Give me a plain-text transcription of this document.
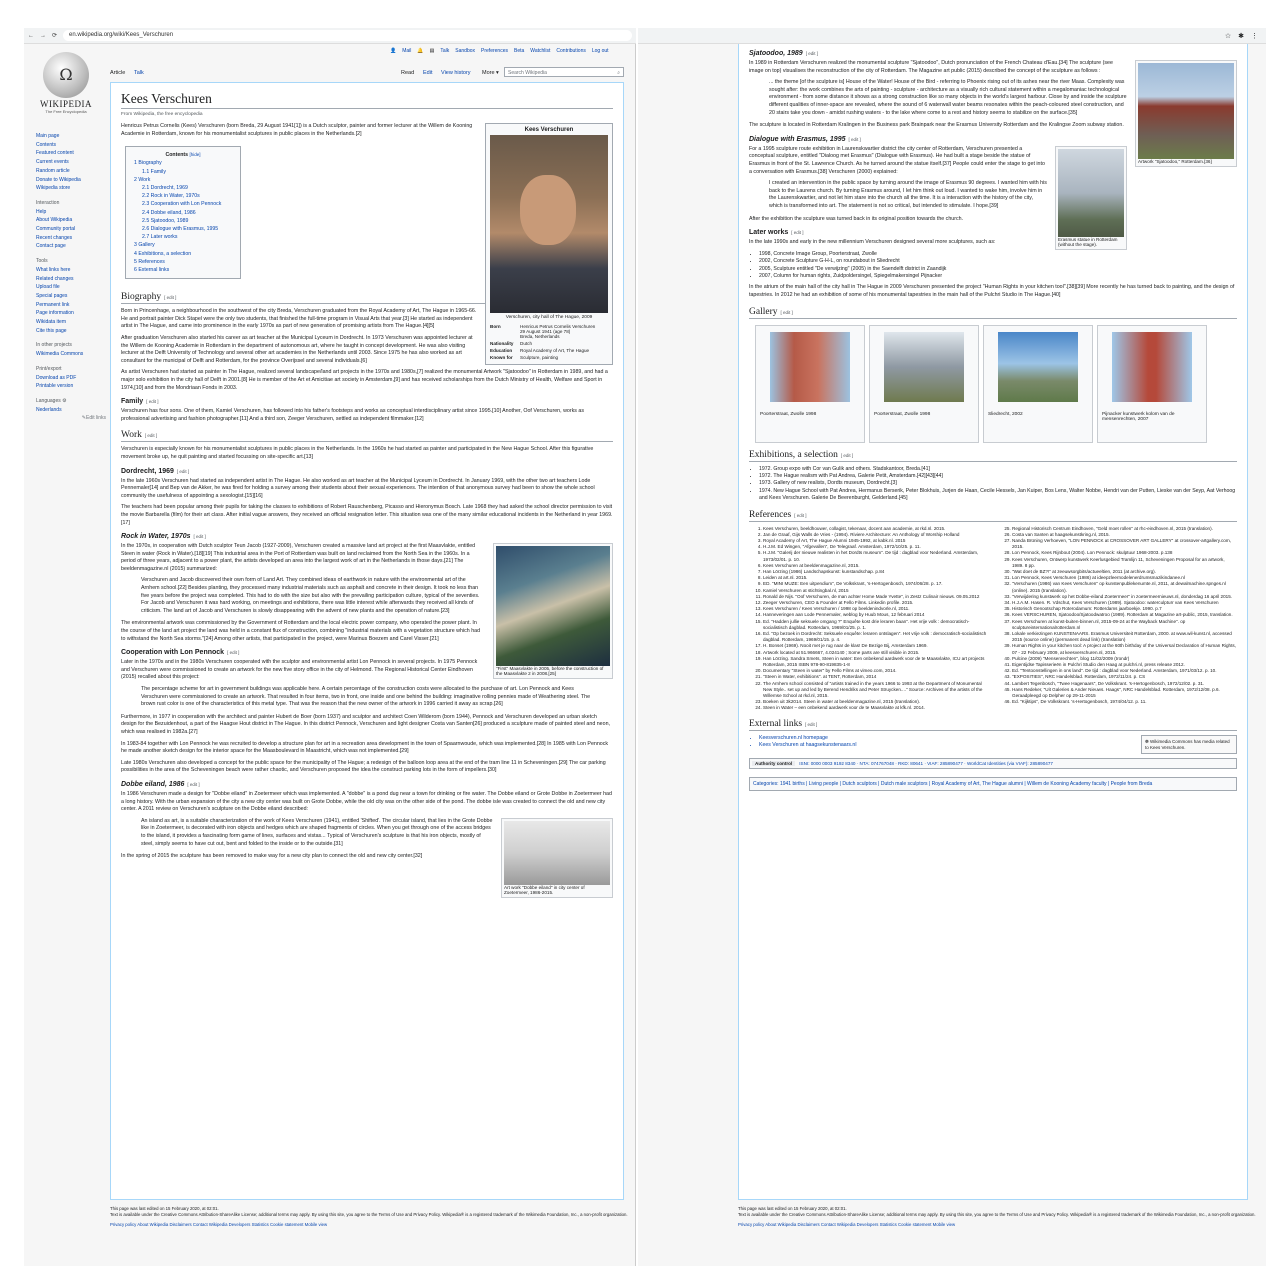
← → ⟳	en.wikipedia.org/wiki/Kees_Verschuren	☆ ✱ ⋮
Ω
WIKIPEDIA
The Free Encyclopedia
Main page
Contents
Featured content
Current events
Random article
Donate to Wikipedia
Wikipedia store
Interaction
Help
About Wikipedia
Community portal
Recent changes
Contact page
Tools
What links here
Related changes
Upload file
Special pages
Permanent link
Page information
Wikidata item
Cite this page
In other projects
Wikimedia Commons
Print/export
Download as PDF
Printable version
Languages ⚙
Nederlands
✎Edit links
👤 Mail 🔔 ▤ Talk Sandbox Preferences Beta Watchlist Contributions Log out
Article Talk	Read Edit View history More ▾	Search Wikipedia	⌕
Kees Verschuren
From Wikipedia, the free encyclopedia
Kees Verschuren
Verschuren, city hall of The Hague, 2009
Born	Henricus Petrus Cornelis Verschuren
29 August 1941 (age 78)
Breda, Netherlands
Nationality	Dutch
Education	Royal Academy of Art, The Hague
Known for	Sculpture, painting

Henricus Petrus Cornelis (Kees) Verschuren (born Breda, 29 August 1941[1]) is a Dutch sculptor, painter and former lecturer at the Willem de Kooning Academie in Rotterdam, known for his monumentalist sculptures in public places in the Netherlands.[2]

Contents [hide]
1 Biography
1.1 Family
2 Work
2.1 Dordrecht, 1969
2.2 Rock in Water, 1970s
2.3 Cooperation with Lon Pennock
2.4 Dobbe eiland, 1986
2.5 Sjatoodoo, 1989
2.6 Dialogue with Erasmus, 1995
2.7 Later works
3 Gallery
4 Exhibitions, a selection
5 References
6 External links
Biography [ edit ]

Born in Princenhage, a neighbourhood in the southwest of the city Breda, Verschuren graduated from the Royal Academy of Art, The Hague in 1965-66. He and portrait painter Dick Stapel were the only two students, that finished the full-time program in Visual Arts that year.[3] He started as independent artist in The Hague, and came into prominence in the early 1970s as part of new generation of promising artists from The Hague.[4][5]

After graduation Verschuren also started his career as art teacher at the Municipal Lyceum in Dordrecht. In 1973 Verschuren was appointed lecturer at the Willem de Kooning Academie in Rotterdam in the department of autonomous art, where he taught in concept development. He was also visiting lecturer at the Delft University of Technology and several other art academies in the Netherlands until 2003. Since 1975 he has also worked as art consultant for the municipal of Delft and Rotterdam, for the province Overijssel and several individuals.[6]

As artist Verschuren had started as painter in The Hague, realized several landscape/land art projects in the 1970s and 1980s,[7] realized the monumental Artwork "Sjatoodoo" in Rotterdam in 1989, and had a major solo exhibition in the city hall of Delft in 2001.[8] He is member of the Art et Amicitiae art society in Amsterdam,[9] and has received scholarships from the Dutch Ministry of Health, Welfare and Sport in 1974,[10] and from the Mondriaan Fonds in 2003.

Family [ edit ]

Verschuren has four sons. One of them, Kamiel Verschuren, has followed into his father's footsteps and works as conceptual interdisciplinary artist since 1995.[10] Another, Oof Verschuren, works as professional advertising and fashion photographer.[11] And a third son, Zeeger Verschuren, settled as independent filmmaker.[12]

Work [ edit ]

Verschuren is especially known for his monumentalist sculptures in public places in the Netherlands. In the 1960s he had started as painter and participated in the New Hague School. After this figurative movement broke up, he quit painting and started focussing on site-specific art.[13]

Dordrecht, 1969 [ edit ]

In the late 1960s Verschuren had started as independent artist in The Hague. He also worked as art teacher at the Municipal Lyceum in Dordrecht. In January 1969, with the other two art teachers Lode Pennemaler[14] and Bep van de Akker, he was fired for holding a survey among their students about their sexual experiences. The intention of that anonymous survey had been to show the whole school community the usefulness of appointing a sexologist.[15][16]

The teachers had been popular among their pupils for taking the classes to exhibitions of Robert Rauschenberg, Picasso and Hieronymus Bosch. Late 1968 they had asked the school director permission to visit the movie Barbarella (film) for their art class. After initial vague answers, they received an official resignation letter. This situation was one of the many similar educational incidents in the Netherland in year 1969.[17]

Rock in Water, 1970s [ edit ]
"First" Maasvlakte in 2005, before the construction of the Maasvlakte 2 in 2008.[25]

In the 1970s, in cooperation with Dutch sculptor Teun Jacob (1927-2009), Verschuren created a massive land art project at the first Maasvlakte, entitled Steen in water (Rock in Water).[18][19] This industrial area in the Port of Rotterdam was built on land reclaimed from the North Sea in the 1960s. In a period of three years, adjacent to a power plant, the artists developed an area into the largest work of art in the Netherlands in those days.[21] The beeldenmagazine.nl (2015) summarized:

Verschuren and Jacob discovered their own form of Land Art. They combined ideas of earthwork in nature with the environmental art of the Arnhem school.[22] Besides planting, they processed many industrial materials such as asphalt and concrete in their design. It took no less than five years before the project was completed. This had to do with the size but also with the prevailing participation culture, typical of the seventies. For Jacob and Verschuren it was hard working, on meetings and exhibitions, there was little interest while afterwards they received all kinds of criticism. The land art of Jacob and Verschuren is slowly disappearing with the advent of new plants and the operation of nature.[23]

The environmental artwork was commissioned by the Government of Rotterdam and the local electric power company, who operated the power plant. In the course of the land art project the land was held in a constant flux of construction, combining "industrial materials with a vegetation structure which had to withstand the North Sea storms."[24] Among other artists, that participated in the project, were Marinus Boezem and Carel Visser.[21]

Cooperation with Lon Pennock [ edit ]

Later in the 1970s and in the 1980s Verschuren cooperated with the sculptor and environmental artist Lon Pennock in several projects. In 1975 Pennock and Verschuren were commissioned to create an artwork for the new five story office in the city of Helmond. The Regional Historical Center Eindhoven (2015) recalled about this project:

The percentage scheme for art in government buildings was applicable here. A certain percentage of the construction costs were allocated to the purchase of art. Lon Pennock and Kees Verschuren were commissioned to create an artwork. That resulted in four items, two in front, one inside and one behind the building: imaginative rolling pennies made of Weathering steel. The brown rust color is one of the characteristics of this metal type. That was the reason that the new owner of the artwork in 1996 carried it away as scrap.[26]

Furthermore, in 1977 in cooperation with the architect and painter Hubert de Boer (born 1937) and sculptor and architect Coen Wilderom (born 1944), Pennock and Verschuren developed an urban sketch design for the Bezuidenhout, a part of the Haagse Hout district in The Hague. In this district Pennock, Verschuren and light designer Costa van Santen[26] produced a sculpture made of painted steel and neon, which was realised in 1982a.[27]

In 1983-84 together with Lon Pennock he was recruited to develop a structure plan for art in a recreation area development in the town of Spaarnwoude, which was implemented.[28] In 1985 with Lon Pennock he made another sketch design for the interior space for the Maasboulevard in Maastricht, which was not implemented.[29]

Late 1980s Verschuren also developed a concept for the public space for the municipality of The Hague; a redesign of the balloon loop area at the end of the tram line 11 in Scheveningen.[29] The car parking possibilities in the area of the Scheveningen beach were rather chaotic, and Verschuren proposed the idea the construct parking lots in the form of impellers.[30]

Dobbe eiland, 1986 [ edit ]

In 1986 Verschuren made a design for "Dobbe eiland" in Zoetermeer which was implemented. A "dobbe" is a pond dug near a town for drinking or fire water. The Dobbe eiland or Grote Dobbe in Zoetermeer had a long history. With the urban expansion of the city a new city center was built on Grote Dobbe, while the old city was on the other side of the pond. The dobbe isle was created to connect the old and new city center. A 2011 review on Verschuren's sculpture on the Dobbe eiland described:

Art work "Dobbe eiland" in city center of Zoetermeer, 1986-2015.
An island as art, is a suitable characterization of the work of Kees Verschuren (1941), entitled 'Shifted'. The circular island, that lies in the Grote Dobbe like in Zoetermeer, is decorated with iron objects and hedges which are shaped fragments of circles. When you get through one of the access bridges to the island, it provides a fascinating form game of lines, surfaces and vistas... Typical of Verschuren's sculpture is that his iron objects, mostly of steel, simply seems to have cut out, bent and folded to the inside or to the outside.[31]

In the spring of 2015 the sculpture has been removed to make way for a new city plan to connect the old and new city center.[32]

This page was last edited on 15 February 2020, at 02:01.
Text is available under the Creative Commons Attribution-ShareAlike License; additional terms may apply. By using this site, you agree to the Terms of Use and Privacy Policy. Wikipedia® is a registered trademark of the Wikimedia Foundation, Inc., a non-profit organization.
Privacy policy About Wikipedia Disclaimers Contact Wikipedia Developers Statistics Cookie statement Mobile view
Sjatoodoo, 1989 [ edit ]
Artwork "Sjatoodoo," Rotterdam.[36]

In 1989 in Rotterdam Verschuren realized the monumental sculpture "Sjatoodoo", Dutch pronunciation of the French Chateau d'Eau.[34] The sculpture (see image on top) visualises the reconstruction of the city of Rotterdam. The Magazine art public (2015) described the concept of the sculpture as follows :

... the theme [of the sculpture is] House of the Water! House of the Bird - referring to Phoenix rising out of its ashes near the river Maas. Complexity was sought after: the work combines the arts of painting - sculpture - architecture as a visually rich cultural statement within a megalomaniac technological environment - from some distance it shows as a strong construction like so many objects in the world's largest harbour. Close by and inside the sculpture different qualities of inner-space are revealed, where the sound of 6 waterwall water beams resonates within the peach-coloured steel construction, and 20 stairs take you down - amidst rushing waters - to the lake where come to a rest and history seems to stabilize on the surface.[35]

The sculpture is located in Rotterdam Kralingen in the Business park Brainpark near the Erasmus University Rotterdam and the Kralingse Zoom subway station.

Dialogue with Erasmus, 1995 [ edit ]
Erasmus statue in Rotterdam (without the stage).

For a 1995 sculpture route exhibition in Laurenskwartier district the city center of Rotterdam, Verschuren presented a conceptual sculpture, entitled "Dialoog met Erasmus" (Dialogue with Erasmus). He had built a stage beside the statue of Erasmus in front of the St. Lawrence Church. As he turned around the statue itself.[37] People could enter the stage to get into a conversation with Erasmus.[38] Verschuren (2000) explained:

I created an intervention in the public space by turning around the image of Erasmus 90 degrees. I wanted him with his back to the Laurens church. By turning Erasmus around, I let him think out loud. I wanted to wake him, involve him in the Laurenskwartier, and not let him stare into the church all the time. It is a interaction with the history of the city, which is transformed into art. The statement is not so critical, but intended to stimulate. I hope.[39]

After the exhibition the sculpture was turned back in its original position towards the church.

Later works [ edit ]

In the late 1990s and early in the new millennium Verschuren designed several more sculptures, such as:

• 1998, Concrete Image Group, Poorterstraat, Zwolle
• 2002, Concrete Sculpture G-H-L, on roundabout in Sliedrecht
• 2005, Sculpture entitled "De verwijzing" (2005) in the Saendelft district in Zaandijk
• 2007, Column for human rights, Zuidpoldersingel, Spiegelmakersingel Pijnacker

In the atrium of the main hall of the city hall in The Hague in 2009 Verschuren presented the project "Human Rights in your kitchen tool".[38][39] More recently he has turned back to painting, and the design of tapestries. In 2012 he had an exhibition of some of his monumental tapestries in the main hall of the Pulchri Studio in The Hague.[40]

Gallery [ edit ]
Poorterstraat, Zwolle 1998	Poorterstraat, Zwolle 1998	Sliedrecht, 2002	Pijnacker kunstwerk kolom van de mensenrechten, 2007
Exhibitions, a selection [ edit ]
• 1972. Group expo with Cor van Gulik and others. Stadskantoor, Breda.[41]
• 1972. The Hague realism with Pat Andrea, Galerie Petit, Amsterdam.[42][43][44]
• 1973. Gallery of new realists, Dordts museum, Dordrecht.[3]
• 1974. New Hague School with Pat Andrea, Hermanus Berserik, Peter Blokhuis, Jurjen de Haan, Cecile Hessels, Jan Kuiper, Bos Lens, Walter Nobbe, Hendri van der Putten, Lieske van der Seyp, Aat Verhoog and Kees Verschuren. Galerie De Beerenburght, Gelderland.[45]
References [ edit ]
1. Kees Verschuren, beeldhouwer, collagist, tekenaar, docent aan academie, at rkd.nl. 2015.
2. Jan de Graaf, Gijs Walls de Vries - (1994). Riviere Architecture: An Anthology of Worship Holland
3. Royal Academy of Art, The Hague Alumni 1945-1992, at kabk.nl. 2015
4. H.J.M. Ed Wingen, "Afgevallen", De Telegraaf. Amsterdam, 1972/10/25. p. 11.
5. H.J.M. "Galerij der nieuwe realisten in het Dordts museum". De tijd : dagblad voor Nederland. Amsterdam, 1973/02/01. p. 10.
6. Kees Verschuren at beeldenmagazine.nl, 2015.
7. Han Lörzing (1986) Landschapskunst: kunstandschap. p.84
8. Leiden at art.nl. 2015.
9. ED. "MINI MUZE: Een uitpendium", De Volkskrant, 's-Hertogenbosch, 1974/06/28. p. 17.
10. Kamiel Verschuren at stichtingbal.nl, 2015
11. Ronald de Nijs. "Oof Verschuren, de man achter Home Made Yvette", in Zestz Culinair nieuws. 09.05.2012
12. Zeeger Verschuren, CEO & Founder at Fello Films. Linkedin profile. 2015.
13. Kees Verschuren / Kees Verschuren / 1998 op beeldenindvorle.nl, 2011.
14. Hanneveringen aan Lode Pennemaler, weblog by Huub Mous, 12 februari 2014
15. Ed. "Hadden jullie seksuele omgang ?" Enquête kost drie leraren baan". Het vrije volk : democratisch-socialistisch dagblad. Rotterdam, 1969/01/25. p. 1.
16. Ed. "Op bezoek in Dordrecht: Seksuele enquête: leraren ontslagen". Het vrije volk : democratisch-socialistisch dagblad. Rotterdam, 1969/01/15. p. 4.
17. H. Bonset (1969). Nooit met je rug naar de klas! De Bezige Bij, Amsterdam 1969.
18. Artwork located at 51.966667, 4.024140 ; Some parts are still visible in 2015.
19. Han Lörzing. Sandra Smets, Steen in water: Een onbekend aardwerk voor de te Maasvlakte, ICU art projects Rotterdam, 2015 ISBN 978-90-819835-1-8
20. Documentary "Steen in water" by Fello Films at vimeo.com, 2014.
21. "Steen in Water, exhibitions". at TENT, Rotterdam, 2014
22. The Arnhem school consisted of "artists trained in the years 1966 to 1993 at the Department of Monumental New Style.. set up and led by Berend Hendriks and Peter Struycken...." Source: Archives of the artists of the Willemse School at rkd.nl, 2015.
23. Boeken uit 3k2014. Steen in water at beeldenmagazine.nl, 2015 (translation).
24. Steen in Water – een onbekend aardwerk voor de te Maasvlakte at kfk.nl. 2014.
25. Regional Historisch Centrum Eindhoven, "Geld moet rollen" at rhc-eindhoven.nl, 2015 (translation).
26. Costa van Santen at haagsekunstkring.nl, 2015.
27. Nanda Brüning Verhoeven, "LON PENNOCK at CROSSOVER ART GALLERY" at crossover-artgallery.com, 2015.
28. Lon Pennock, Kees Rijnbout (2004). Lon Pennock: skulptuur 1968-2003. p.138
29. Kees Verschuren, Ontwerp kunstwerk Keerlusgebied Tramlijn 11, Scheveningen Proposal for an artwork, 1989. 8 pp.
30. "Wat doet de BZ?!" at zeeuwsorgbits/actueeltien, 2011 (at archive.org).
31. Lon Pennock, Kees Verschuren (1986) at ideepzleernodelenerdrumsmazikindanee.nl
32. "Verschuren (1986) van Kees Verschuren" op kunstenpublekenumte.nl, 2011, at dewalmachine.spnges.nl (online). 2015 (translation).
33. "Verwijdering kunstwerk op het Dobbe-eiland Zoetermeer" in zoetermeernieuws.nl, donderdag 16 april 2015.
34. H.J.A.M. Hasen. R. Vdschut, Kees Verschuren (1989). Sjatoodoo: waterculpturr van Kees Verschuren
35. Historisch Genootschap Roterodamum: Rotterdams jaarboekje. 1990. p.7
36. Kees VERSCHUREN, Sjatoodoo/Sjatoodwatroo (1989). Rotterdam at Magazine art-public, 2015, translation.
37. Kees Verschuren at kunst-buiten-binnen.nl, 2015-09-24 at the Wayback Machine". op sculptureinternationalrotterdam.nl
38. Lokale verkiezingen KUNSTENAARS. Erasmus Universiteit Rotterdam, 2000. at www.wil-kunst.nl, accessed 2015 (source online) (permanent dead link) (translation)
39. Human Rights in your kitchen tool: A project at the 60th birthday of the Universal Declaration of Human Rights, 07 - 22 February 2009, at keesverschuren.nl, 2015.
40. Pulcine (2009) "Mensenrechten", blog 11/02/2009 (trondr)
41. Eigentijdse Tapisserieën in Pulchri Studio den Haag at pulchri.nl, press release 2012.
42. Ed. "Tentoonstellingen in ons land". De tijd : dagblad voor Nederland. Amsterdam, 1971/03/12. p. 10.
43. "EXPOSITIES", NRC Handelsblad. Rotterdam, 1972/11/24. p. CS
44. Lambert Tegenbosch, "Twee Hagenaars", De Volkskrant. 's-Hertogenbosch, 1972/12/02. p. 31.
45. Hans Redeker, "Uit Galeries & Ander Nieuws. Haags", NRC Handelsblad. Rotterdam, 1972/12/08. p.6. Geraadpleegd op Delpher op 29-11-2015
46. Ed. "Kijktips", De Volkskrant. 's-Hertogenbosch, 1974/04/12. p. 11.
External links [ edit ]
❁ Wikimedia Commons has media related to Kees Verschuren.
• Keesverschuren.nl homepage
• Kees Verschuren at haagsekunstenaars.nl
Authority control	ISNI: 0000 0003 9192 8340 · NTA: 074767048 · RKD: 80641 · VIAF: 285890477 · WorldCat Identities (via VIAF): 285890477
Categories: 1941 births | Living people | Dutch sculptors | Dutch male sculptors | Royal Academy of Art, The Hague alumni | Willem de Kooning Academy faculty | People from Breda
This page was last edited on 15 February 2020, at 02:01.
Text is available under the Creative Commons Attribution-ShareAlike License; additional terms may apply. By using this site, you agree to the Terms of Use and Privacy Policy. Wikipedia® is a registered trademark of the Wikimedia Foundation, Inc., a non-profit organization.
Privacy policy About Wikipedia Disclaimers Contact Wikipedia Developers Statistics Cookie statement Mobile view
